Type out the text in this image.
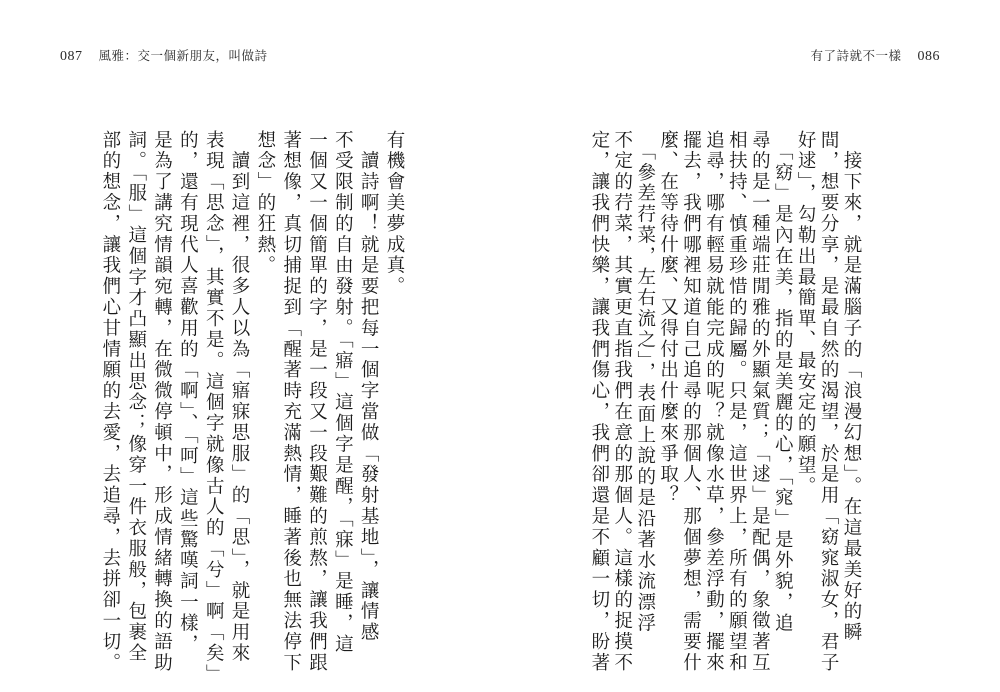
087 風雅：交一個新朋友，叫做詩	有了詩就不一樣 086
　接下來，就是滿腦子的「浪漫幻想」。在這最美好的瞬
間，想要分享，是最自然的渴望，於是用「窈窕淑女，君子
好逑」，勾勒出最簡單、最安定的願望。
　「窈」是內在美，指的是美麗的心，「窕」是外貌，追
尋的是一種端莊閒雅的外顯氣質；「逑」是配偶，象徵著互
相扶持、慎重珍惜的歸屬。只是，這世界上，所有的願望和
追尋，哪有輕易就能完成的呢？就像水草，參差浮動，擺來
擺去，我們哪裡知道自己追尋的那個人、那個夢想，需要什
麼、在等待什麼、又得付出什麼來爭取？
　「參差荇菜，左右流之」，表面上說的是沿著水流漂浮
不定的荇菜，其實更直指我們在意的那個人。這樣的捉摸不
定，讓我們快樂，讓我們傷心，我們卻還是不顧一切，盼著
有機會美夢成真。
　讀詩啊！就是要把每一個字當做「發射基地」，讓情感
不受限制的自由發射。「寤」這個字是醒，「寐」是睡，這
一個又一個簡單的字，是一段又一段艱難的煎熬，讓我們跟
著想像，真切捕捉到「醒著時充滿熱情，睡著後也無法停下
想念」的狂熱。
　讀到這裡，很多人以為「寤寐思服」的「思」，就是用來
表現「思念」，其實不是。這個字就像古人的「兮」啊「矣」
的，還有現代人喜歡用的「啊」、「呵」這些驚嘆詞一樣，
是為了講究情韻宛轉，在微微停頓中，形成情緒轉換的語助
詞。「服」這個字才凸顯出思念；像穿一件衣服般，包裹全
部的想念，讓我們心甘情願的去愛，去追尋，去拼卻一切。
